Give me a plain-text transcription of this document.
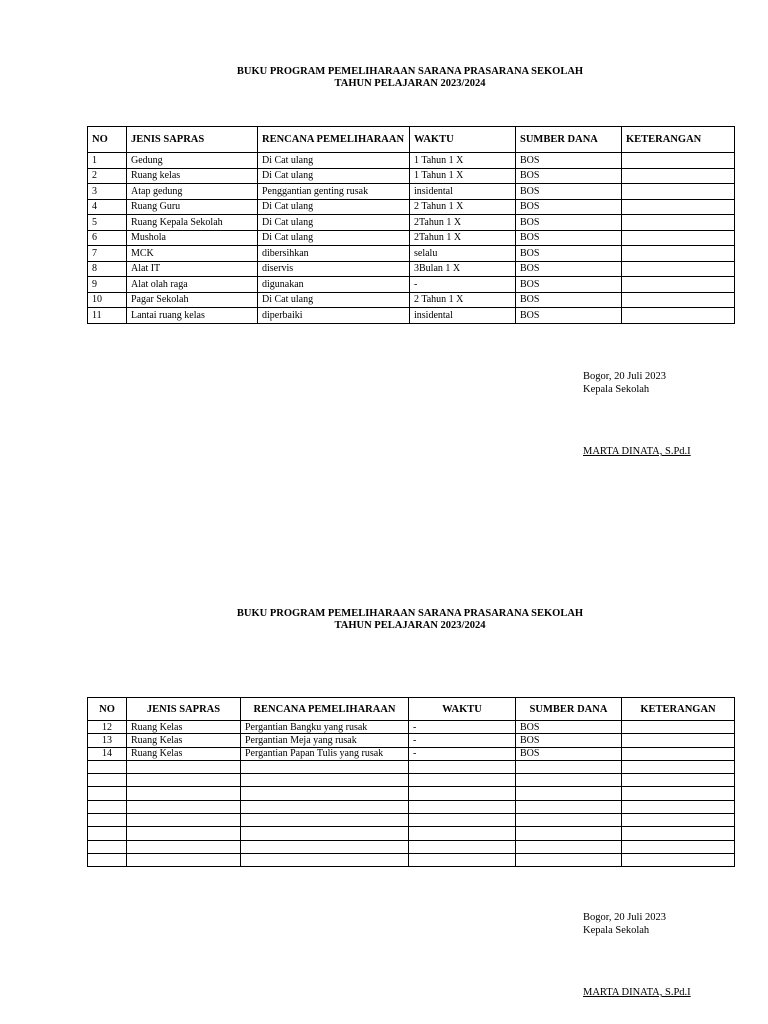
BUKU PROGRAM PEMELIHARAAN SARANA PRASARANA SEKOLAH
TAHUN PELAJARAN 2023/2024
NO	JENIS SAPRAS	RENCANA PEMELIHARAAN	WAKTU	SUMBER DANA	KETERANGAN
1	Gedung	Di Cat ulang	1 Tahun 1 X	BOS	
2	Ruang kelas	Di Cat ulang	1 Tahun 1 X	BOS	
3	Atap gedung	Penggantian genting rusak	insidental	BOS	
4	Ruang Guru	Di Cat ulang	2 Tahun 1 X	BOS	
5	Ruang Kepala Sekolah	Di Cat ulang	2Tahun 1 X	BOS	
6	Mushola	Di Cat ulang	2Tahun 1 X	BOS	
7	MCK	dibersihkan	selalu	BOS	
8	Alat IT	diservis	3Bulan 1 X	BOS	
9	Alat olah raga	digunakan	-	BOS	
10	Pagar Sekolah	Di Cat ulang	2 Tahun 1 X	BOS	
11	Lantai ruang kelas	diperbaiki	insidental	BOS	
Bogor, 20 Juli 2023
Kepala Sekolah
MARTA DINATA, S.Pd.I
BUKU PROGRAM PEMELIHARAAN SARANA PRASARANA SEKOLAH
TAHUN PELAJARAN 2023/2024
NO	JENIS SAPRAS	RENCANA PEMELIHARAAN	WAKTU	SUMBER DANA	KETERANGAN
12	Ruang Kelas	Pergantian Bangku yang rusak	-	BOS	
13	Ruang Kelas	Pergantian Meja yang rusak	-	BOS	
14	Ruang Kelas	Pergantian Papan Tulis yang rusak	-	BOS	

Bogor, 20 Juli 2023
Kepala Sekolah
MARTA DINATA, S.Pd.I
